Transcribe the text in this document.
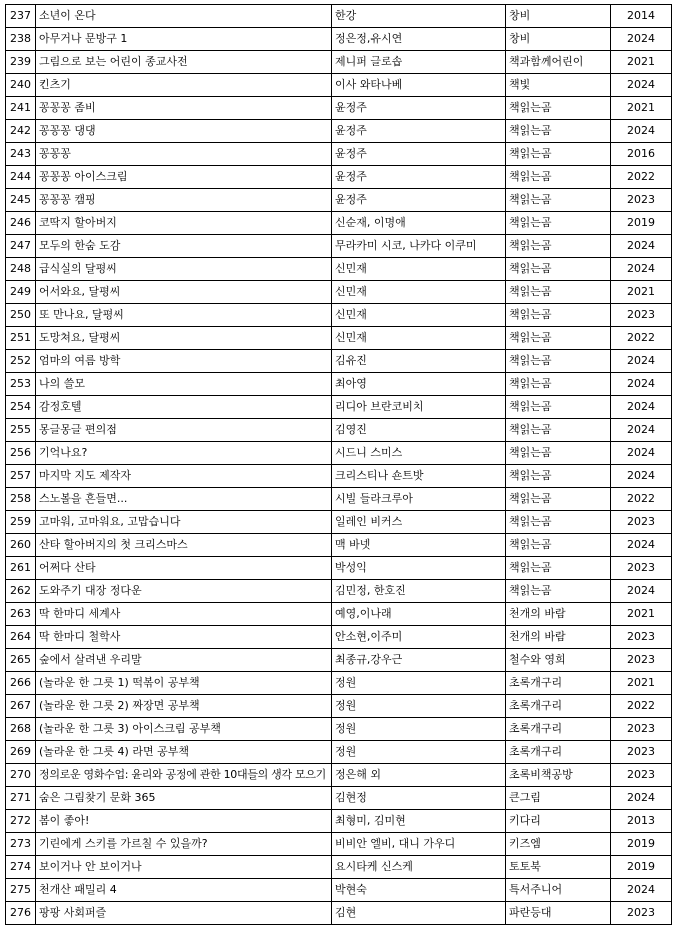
237	소년이 온다	한강	창비	2014
238	아무거나 문방구 1	정은정,유시연	창비	2024
239	그림으로 보는 어린이 종교사전	제니퍼 글로솝	책과함께어린이	2021
240	킨츠기	이사 와타나베	책빛	2024
241	꽁꽁꽁 좀비	윤정주	책읽는곰	2021
242	꽁꽁꽁 댕댕	윤정주	책읽는곰	2024
243	꽁꽁꽁	윤정주	책읽는곰	2016
244	꽁꽁꽁 아이스크림	윤정주	책읽는곰	2022
245	꽁꽁꽁 캠핑	윤정주	책읽는곰	2023
246	코딱지 할아버지	신순재, 이명애	책읽는곰	2019
247	모두의 한숨 도감	무라카미 시코, 나카다 이쿠미	책읽는곰	2024
248	급식실의 달평씨	신민재	책읽는곰	2024
249	어서와요, 달평씨	신민재	책읽는곰	2021
250	또 만나요, 달평씨	신민재	책읽는곰	2023
251	도망쳐요, 달평씨	신민재	책읽는곰	2022
252	엄마의 여름 방학	김유진	책읽는곰	2024
253	나의 쓸모	최아영	책읽는곰	2024
254	감정호텔	리디아 브란코비치	책읽는곰	2024
255	몽글몽글 편의점	김영진	책읽는곰	2024
256	기억나요?	시드니 스미스	책읽는곰	2024
257	마지막 지도 제작자	크리스티나 숀트밧	책읽는곰	2024
258	스노볼을 흔들면...	시빌 들라크루아	책읽는곰	2022
259	고마워, 고마워요, 고맙습니다	일레인 비커스	책읽는곰	2023
260	산타 할아버지의 첫 크리스마스	맥 바넷	책읽는곰	2024
261	어쩌다 산타	박성익	책읽는곰	2023
262	도와주기 대장 정다운	김민정, 한호진	책읽는곰	2024
263	딱 한마디 세계사	예영,이나래	천개의 바람	2021
264	딱 한마디 철학사	안소현,이주미	천개의 바람	2023
265	숲에서 살려낸 우리말	최종규,강우근	철수와 영희	2023
266	(놀라운 한 그릇 1) 떡볶이 공부책	정원	초록개구리	2021
267	(놀라운 한 그릇 2) 짜장면 공부책	정원	초록개구리	2022
268	(놀라운 한 그릇 3) 아이스크림 공부책	정원	초록개구리	2023
269	(놀라운 한 그릇 4) 라면 공부책	정원	초록개구리	2023
270	정의로운 영화수업: 윤리와 공정에 관한 10대들의 생각 모으기	정은해 외	초록비책공방	2023
271	숨은 그림찾기 문화 365	김현정	큰그림	2024
272	봄이 좋아!	최형미, 김미현	키다리	2013
273	기린에게 스키를 가르칠 수 있을까?	비비안 엘비, 대니 가우디	키즈엠	2019
274	보이거나 안 보이거나	요시타케 신스케	토토북	2019
275	천개산 패밀리 4	박현숙	특서주니어	2024
276	팡팡 사회퍼즐	김현	파란등대	2023
